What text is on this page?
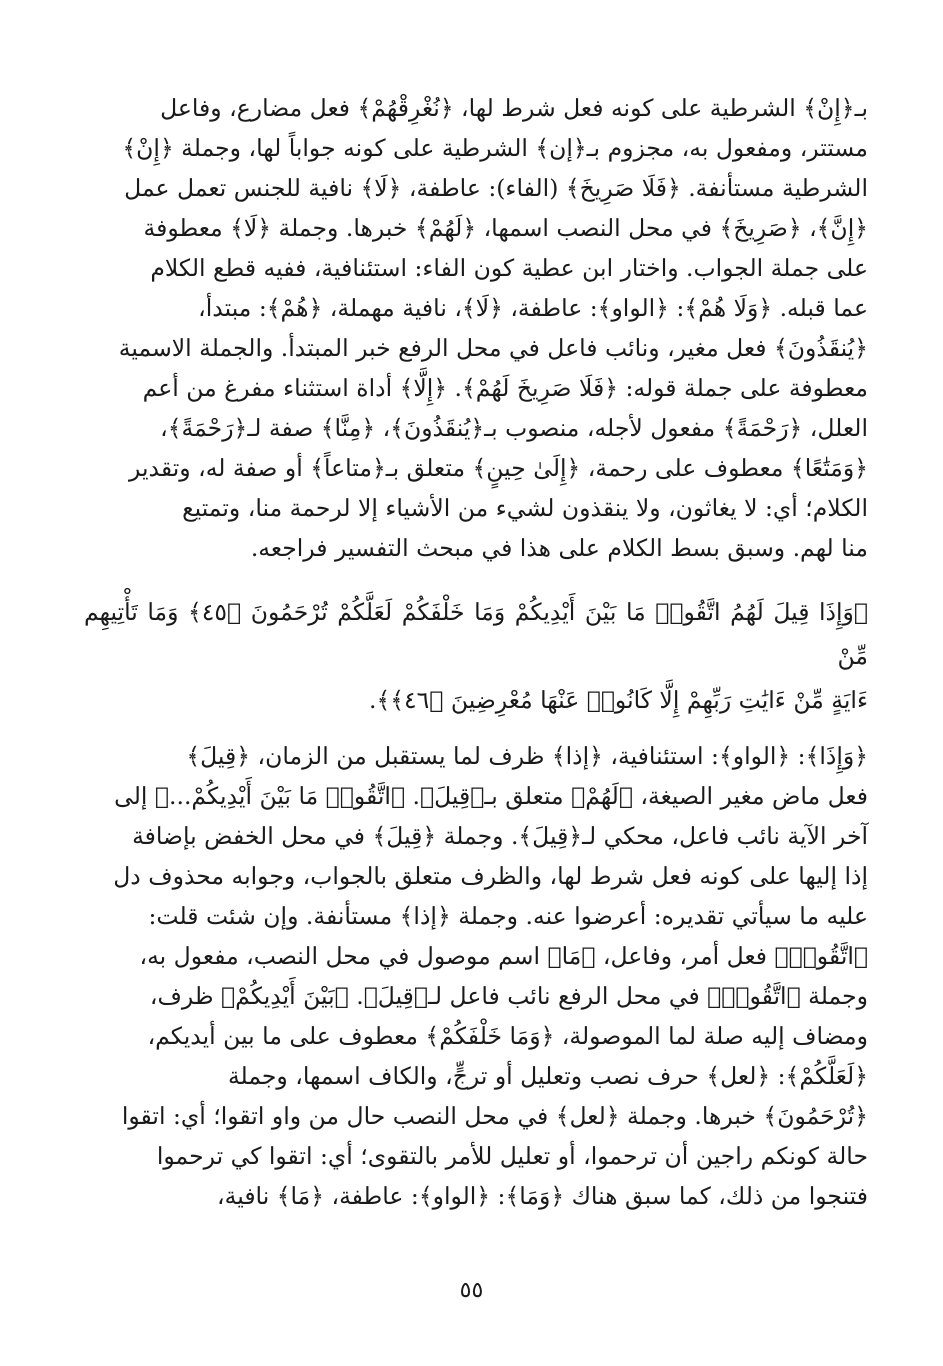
بـ﴿إِنْ﴾ الشرطية على كونه فعل شرط لها، ﴿نُغْرِقْهُمْ﴾ فعل مضارع، وفاعل

مستتر، ومفعول به، مجزوم بـ﴿إن﴾ الشرطية على كونه جواباً لها، وجملة ﴿إِنْ﴾

الشرطية مستأنفة. ﴿فَلَا صَرِيخَ﴾ (الفاء): عاطفة، ﴿لَا﴾ نافية للجنس تعمل عمل

﴿إِنَّ﴾، ﴿صَرِيخَ﴾ في محل النصب اسمها، ﴿لَهُمْ﴾ خبرها. وجملة ﴿لَا﴾ معطوفة

على جملة الجواب. واختار ابن عطية كون الفاء: استئنافية، ففيه قطع الكلام

عما قبله. ﴿وَلَا هُمْ﴾: ﴿الواو﴾: عاطفة، ﴿لَا﴾، نافية مهملة، ﴿هُمْ﴾: مبتدأ،

﴿يُنقَذُونَ﴾ فعل مغير، ونائب فاعل في محل الرفع خبر المبتدأ. والجملة الاسمية

معطوفة على جملة قوله: ﴿فَلَا صَرِيخَ لَهُمْ﴾. ﴿إِلَّا﴾ أداة استثناء مفرغ من أعم

العلل، ﴿رَحْمَةً﴾ مفعول لأجله، منصوب بـ﴿يُنقَذُونَ﴾، ﴿مِنَّا﴾ صفة لـ﴿رَحْمَةً﴾،

﴿وَمَتَٰعًا﴾ معطوف على رحمة، ﴿إِلَىٰ حِينٍ﴾ متعلق بـ﴿متاعاً﴾ أو صفة له، وتقدير

الكلام؛ أي: لا يغاثون، ولا ينقذون لشيء من الأشياء إلا لرحمة منا، وتمتيع

منا لهم. وسبق بسط الكلام على هذا في مبحث التفسير فراجعه.

﴿وَإِذَا قِيلَ لَهُمُ اتَّقُوا۟ مَا بَيْنَ أَيْدِيكُمْ وَمَا خَلْفَكُمْ لَعَلَّكُمْ تُرْحَمُونَ ﴿٤٥﴾ وَمَا تَأْتِيهِم مِّنْ

ءَايَةٍ مِّنْ ءَايَٰتِ رَبِّهِمْ إِلَّا كَانُوا۟ عَنْهَا مُعْرِضِينَ ﴿٤٦﴾﴾.

﴿وَإِذَا﴾: ﴿الواو﴾: استئنافية، ﴿إذا﴾ ظرف لما يستقبل من الزمان، ﴿قِيلَ﴾

فعل ماض مغير الصيغة، ﴿لَهُمْ﴾ متعلق بـ﴿قِيلَ﴾. ﴿اتَّقُوا۟ مَا بَيْنَ أَيْدِيكُمْ...﴾ إلى

آخر الآية نائب فاعل، محكي لـ﴿قِيلَ﴾. وجملة ﴿قِيلَ﴾ في محل الخفض بإضافة

إذا إليها على كونه فعل شرط لها، والظرف متعلق بالجواب، وجوابه محذوف دل

عليه ما سيأتي تقديره: أعرضوا عنه. وجملة ﴿إذا﴾ مستأنفة. وإن شئت قلت:

﴿اتَّقُوا۟﴾ فعل أمر، وفاعل، ﴿مَا﴾ اسم موصول في محل النصب، مفعول به،

وجملة ﴿اتَّقُوا۟﴾ في محل الرفع نائب فاعل لـ﴿قِيلَ﴾. ﴿بَيْنَ أَيْدِيكُمْ﴾ ظرف،

ومضاف إليه صلة لما الموصولة، ﴿وَمَا خَلْفَكُمْ﴾ معطوف على ما بين أيديكم،

﴿لَعَلَّكُمْ﴾: ﴿لعل﴾ حرف نصب وتعليل أو ترجٍّ، والكاف اسمها، وجملة

﴿تُرْحَمُونَ﴾ خبرها. وجملة ﴿لعل﴾ في محل النصب حال من واو اتقوا؛ أي: اتقوا

حالة كونكم راجين أن ترحموا، أو تعليل للأمر بالتقوى؛ أي: اتقوا كي ترحموا

فتنجوا من ذلك، كما سبق هناك ﴿وَمَا﴾: ﴿الواو﴾: عاطفة، ﴿مَا﴾ نافية،

٥٥
